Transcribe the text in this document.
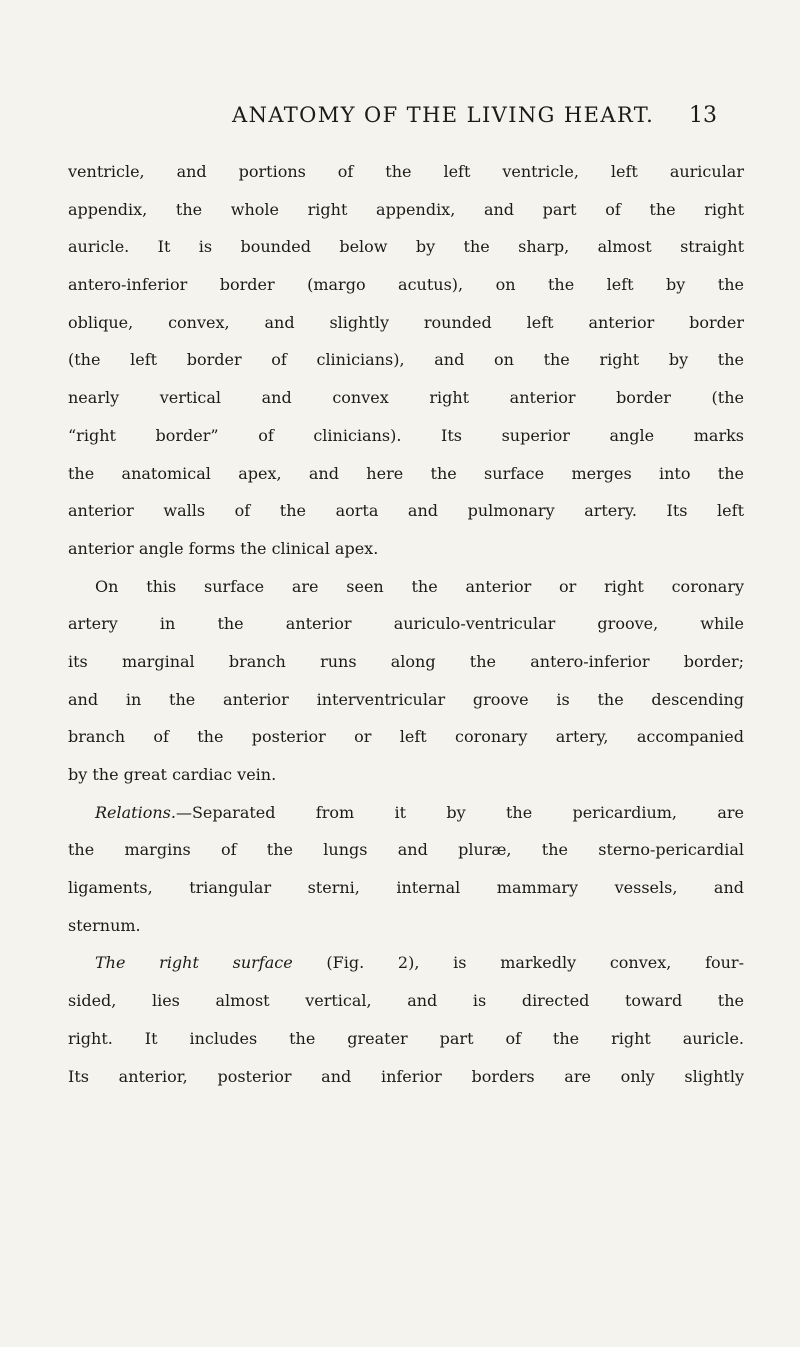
ANATOMY OF THE LIVING HEART. 13
ventricle, and portions of the left ventricle, left auricular
appendix, the whole right appendix, and part of the right
auricle. It is bounded below by the sharp, almost straight
antero-inferior border (margo acutus), on the left by the
oblique, convex, and slightly rounded left anterior border
(the left border of clinicians), and on the right by the
nearly vertical and convex right anterior border (the
“right border” of clinicians). Its superior angle marks
the anatomical apex, and here the surface merges into the
anterior walls of the aorta and pulmonary artery. Its left
anterior angle forms the clinical apex.
On this surface are seen the anterior or right coronary
artery in the anterior auriculo-ventricular groove, while
its marginal branch runs along the antero-inferior border;
and in the anterior interventricular groove is the descending
branch of the posterior or left coronary artery, accompanied
by the great cardiac vein.
Relations.—Separated from it by the pericardium, are
the margins of the lungs and pluræ, the sterno-pericardial
ligaments, triangular sterni, internal mammary vessels, and
sternum.
The right surface (Fig. 2), is markedly convex, four-
sided, lies almost vertical, and is directed toward the
right. It includes the greater part of the right auricle.
Its anterior, posterior and inferior borders are only slightly
